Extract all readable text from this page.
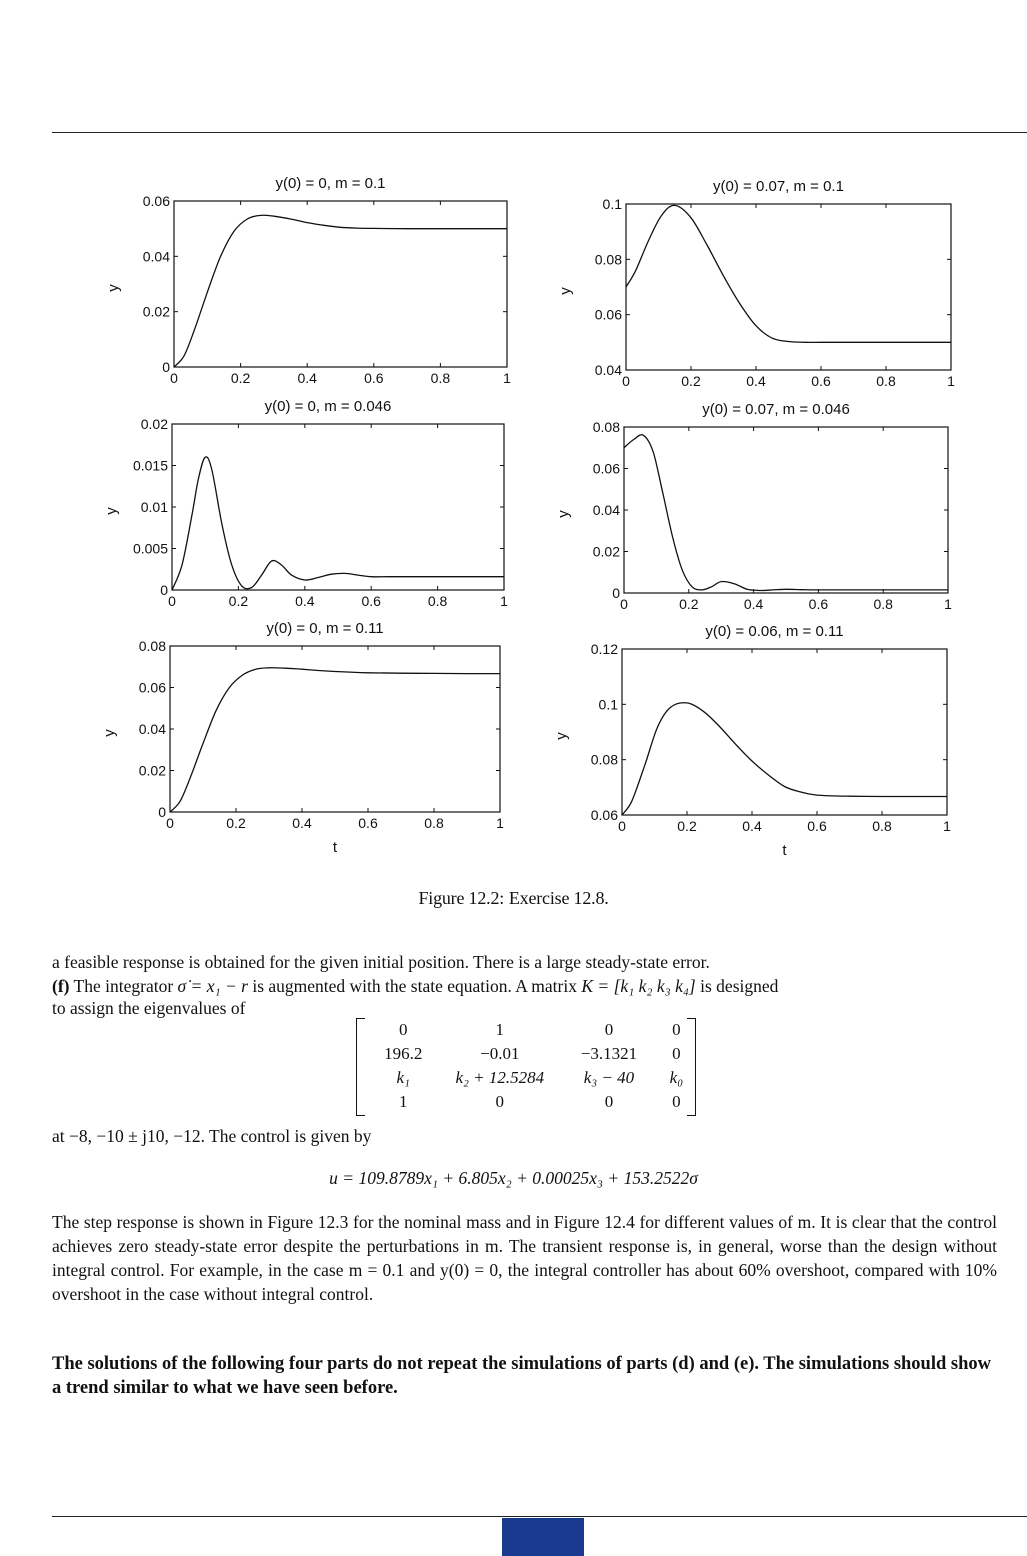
0	0.2	0.4	0.6	0.8	1
0
0.02
0.04
0.06
y(0) = 0, m = 0.1
y
0	0.2	0.4	0.6	0.8	1
0.04
0.06
0.08
0.1
y(0) = 0.07, m = 0.1
y
0	0.2	0.4	0.6	0.8	1
0
0.005
0.01
0.015
0.02
y(0) = 0, m = 0.046
y
0	0.2	0.4	0.6	0.8	1
0
0.02
0.04
0.06
0.08
y(0) = 0.07, m = 0.046
y
0	0.2	0.4	0.6	0.8	1
0
0.02
0.04
0.06
0.08
y(0) = 0, m = 0.11
y
t
0	0.2	0.4	0.6	0.8	1
0.06
0.08
0.1
0.12
y(0) = 0.06, m = 0.11
y
t
Figure 12.2: Exercise 12.8.
a feasible response is obtained for the given initial position. There is a large steady-state error.
(f) The integrator σ̇ = x₁ − r is augmented with the state equation. A matrix K = [k₁ k₂ k₃ k₄] is designed
to assign the eigenvalues of
0	1	0	0
196.2	−0.01	−3.1321	0
k₁	k₂ + 12.5284	k₃ − 40	k₀
1	0	0	0
at −8, −10 ± j10, −12. The control is given by
u = 109.8789x₁ + 6.805x₂ + 0.00025x₃ + 153.2522σ
The step response is shown in Figure 12.3 for the nominal mass and in Figure 12.4 for different values of m. It is clear that the control achieves zero steady-state error despite the perturbations in m. The transient response is, in general, worse than the design without integral control. For example, in the case m = 0.1 and y(0) = 0, the integral controller has about 60% overshoot, compared with 10% overshoot in the case without integral control.
The solutions of the following four parts do not repeat the simulations of parts (d) and (e). The simulations should show a trend similar to what we have seen before.
